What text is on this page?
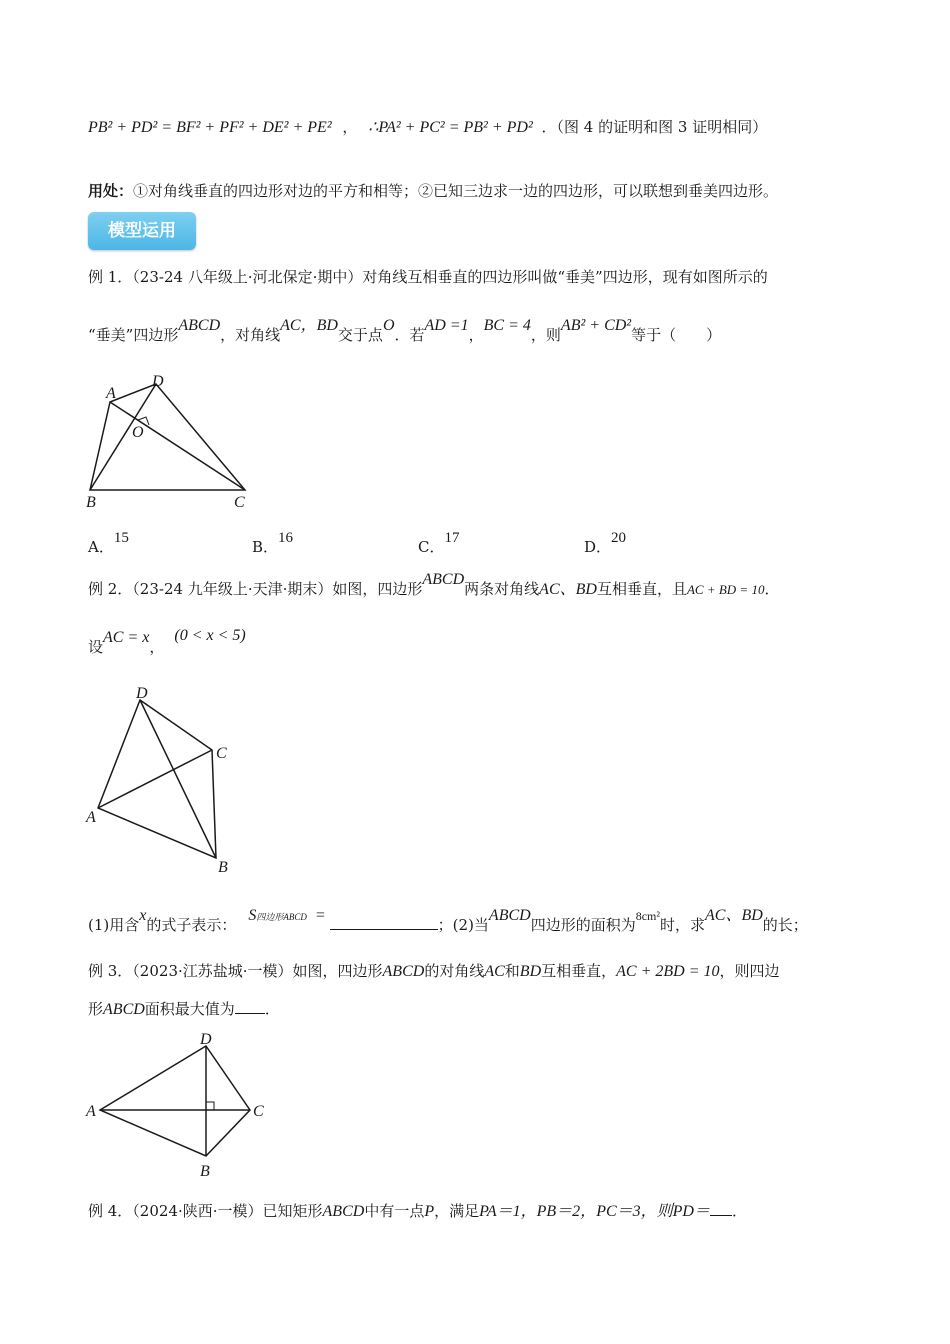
PB² + PD² = BF² + PF² + DE² + PE² ， ∴PA² + PC² = PB² + PD² ．（图 4 的证明和图 3 证明相同）
用处：①对角线垂直的四边形对边的平方和相等；②已知三边求一边的四边形，可以联想到垂美四边形。
模型运用
例 1．（23-24 八年级上·河北保定·期中）对角线互相垂直的四边形叫做“垂美”四边形，现有如图所示的
“垂美”四边形ABCD，对角线AC，BD交于点O．若AD =1，BC = 4，则AB² + CD²等于（　　）
A
D
O
B	C
A．15	B．16	C．17	D．20
例 2．（23-24 九年级上·天津·期末）如图，四边形ABCD两条对角线AC、BD互相垂直，且AC + BD = 10．
设AC = x，(0 < x < 5)
D
C
A
B
(1)用含x的式子表示：S四边形ABCD =；(2)当ABCD四边形的面积为$^{8cm^2}$时，求AC、BD的长；
例 3．（2023·江苏盐城·一模）如图，四边形ABCD的对角线AC和BD互相垂直，AC + 2BD = 10，则四边
形ABCD面积最大值为 ．
D
A	C
B
例 4．（2024·陕西·一模）已知矩形ABCD中有一点P，满足PA＝1，PB＝2，PC＝3，则PD＝ ．
